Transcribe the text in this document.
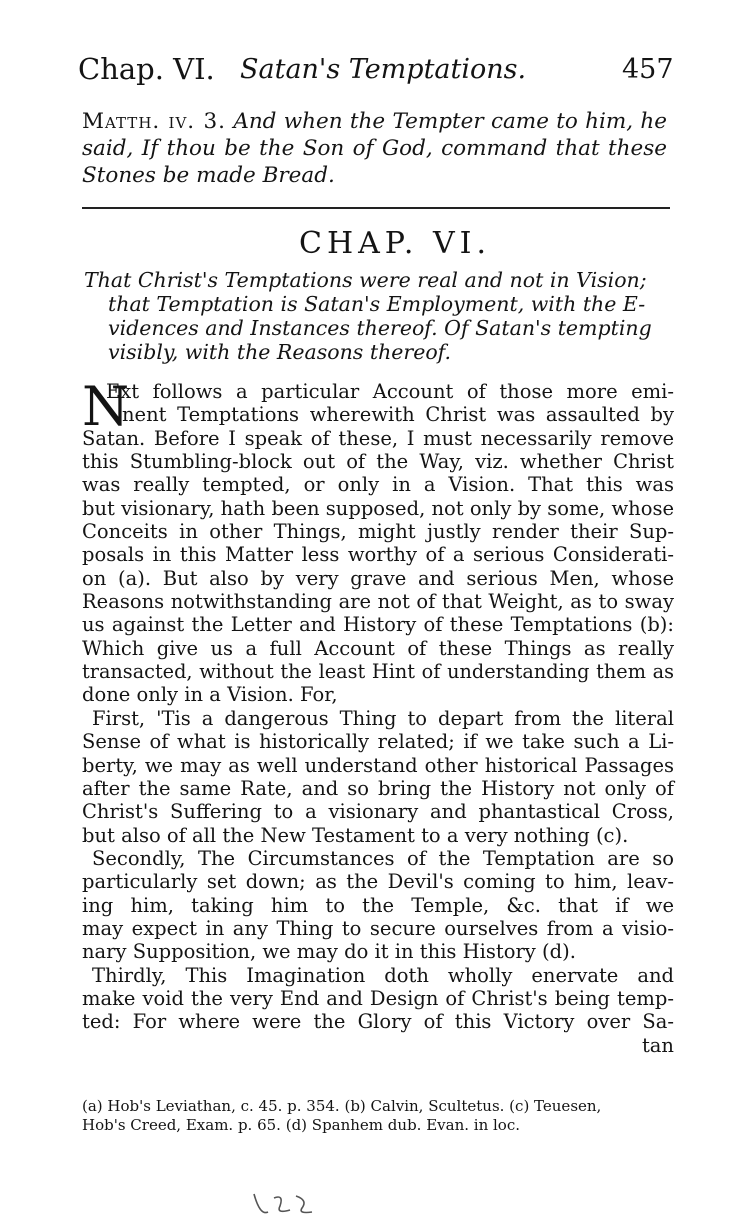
Chap. VI. Satan's Temptations.	457
Matth. iv. 3. And when the Tempter came to him, he said, If thou be the Son of God, command that these Stones be made Bread.
CHAP. VI.
That Christ's Temptations were real and not in Vision;
that Temptation is Satan's Employment, with the E-
vidences and Instances thereof. Of Satan's tempting
visibly, with the Reasons thereof.
N
Ext follows a particular Account of those more emi-
nent Temptations wherewith Christ was assaulted by
Satan. Before I speak of these, I must necessarily remove
this Stumbling-block out of the Way, viz. whether Christ
was really tempted, or only in a Vision. That this was
but visionary, hath been supposed, not only by some, whose
Conceits in other Things, might justly render their Sup-
posals in this Matter less worthy of a serious Considerati-
on (a). But also by very grave and serious Men, whose
Reasons notwithstanding are not of that Weight, as to sway
us against the Letter and History of these Temptations (b):
Which give us a full Account of these Things as really
transacted, without the least Hint of understanding them as
done only in a Vision. For,
First, 'Tis a dangerous Thing to depart from the literal
Sense of what is historically related; if we take such a Li-
berty, we may as well understand other historical Passages
after the same Rate, and so bring the History not only of
Christ's Suffering to a visionary and phantastical Cross,
but also of all the New Testament to a very nothing (c).
Secondly, The Circumstances of the Temptation are so
particularly set down; as the Devil's coming to him, leav-
ing him, taking him to the Temple, &c. that if we
may expect in any Thing to secure ourselves from a visio-
nary Supposition, we may do it in this History (d).
Thirdly, This Imagination doth wholly enervate and
make void the very End and Design of Christ's being temp-
ted: For where were the Glory of this Victory over Sa-
tan
(a) Hob's Leviathan, c. 45. p. 354. (b) Calvin, Scultetus. (c) Teuesen,
Hob's Creed, Exam. p. 65. (d) Spanhem dub. Evan. in loc.
